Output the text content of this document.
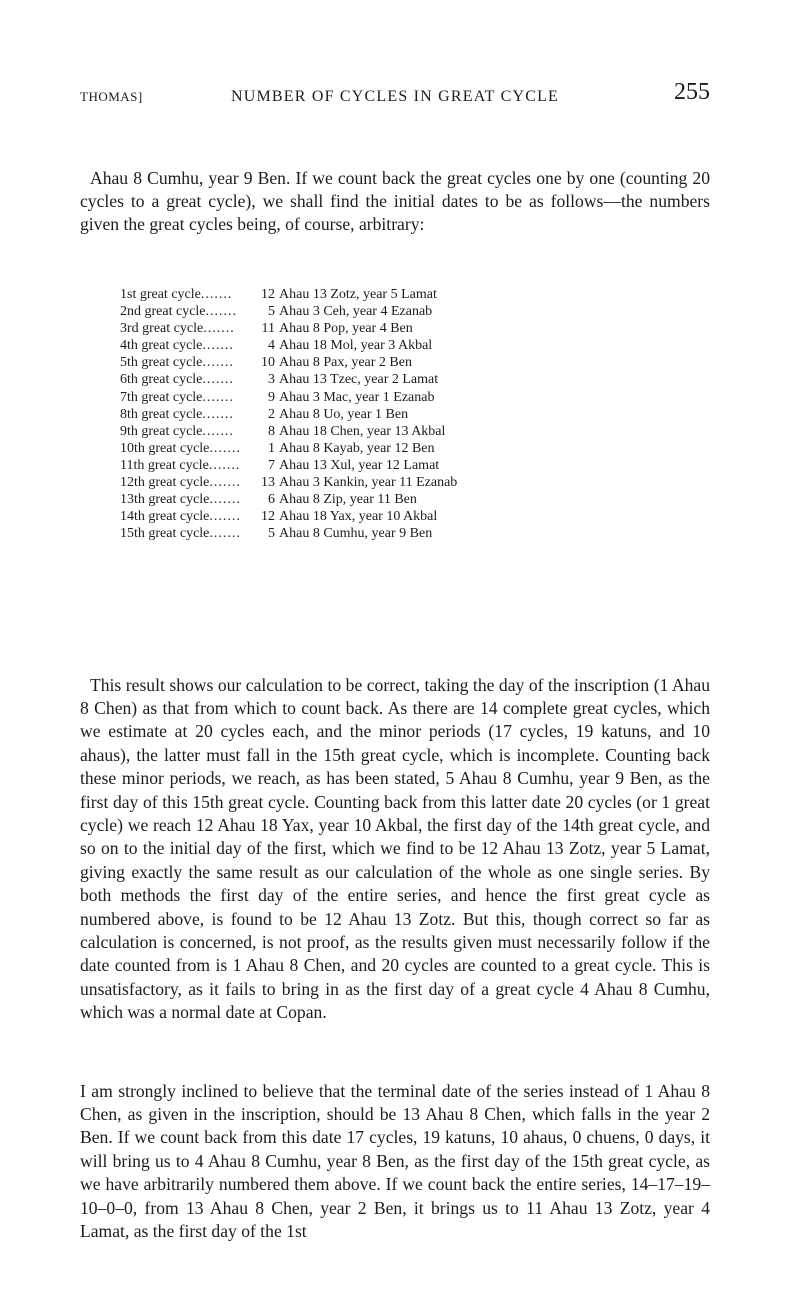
THOMAS]	NUMBER OF CYCLES IN GREAT CYCLE	255

Ahau 8 Cumhu, year 9 Ben. If we count back the great cycles one by one (counting 20 cycles to a great cycle), we shall find the initial dates to be as follows—the numbers given the great cycles being, of course, arbitrary:

1st great cycle.......	12 Ahau 13 Zotz, year 5 Lamat
2nd great cycle.......	5 Ahau 3 Ceh, year 4 Ezanab
3rd great cycle.......	11 Ahau 8 Pop, year 4 Ben
4th great cycle.......	4 Ahau 18 Mol, year 3 Akbal
5th great cycle.......	10 Ahau 8 Pax, year 2 Ben
6th great cycle.......	3 Ahau 13 Tzec, year 2 Lamat
7th great cycle.......	9 Ahau 3 Mac, year 1 Ezanab
8th great cycle.......	2 Ahau 8 Uo, year 1 Ben
9th great cycle.......	8 Ahau 18 Chen, year 13 Akbal
10th great cycle.......	1 Ahau 8 Kayab, year 12 Ben
11th great cycle.......	7 Ahau 13 Xul, year 12 Lamat
12th great cycle.......	13 Ahau 3 Kankin, year 11 Ezanab
13th great cycle.......	6 Ahau 8 Zip, year 11 Ben
14th great cycle.......	12 Ahau 18 Yax, year 10 Akbal
15th great cycle.......	5 Ahau 8 Cumhu, year 9 Ben

This result shows our calculation to be correct, taking the day of the inscription (1 Ahau 8 Chen) as that from which to count back. As there are 14 complete great cycles, which we estimate at 20 cycles each, and the minor periods (17 cycles, 19 katuns, and 10 ahaus), the latter must fall in the 15th great cycle, which is incomplete. Counting back these minor periods, we reach, as has been stated, 5 Ahau 8 Cumhu, year 9 Ben, as the first day of this 15th great cycle. Counting back from this latter date 20 cycles (or 1 great cycle) we reach 12 Ahau 18 Yax, year 10 Akbal, the first day of the 14th great cycle, and so on to the initial day of the first, which we find to be 12 Ahau 13 Zotz, year 5 Lamat, giving exactly the same result as our calculation of the whole as one single series. By both methods the first day of the entire series, and hence the first great cycle as numbered above, is found to be 12 Ahau 13 Zotz. But this, though correct so far as calculation is concerned, is not proof, as the results given must necessarily follow if the date counted from is 1 Ahau 8 Chen, and 20 cycles are counted to a great cycle. This is unsatisfactory, as it fails to bring in as the first day of a great cycle 4 Ahau 8 Cumhu, which was a normal date at Copan.

I am strongly inclined to believe that the terminal date of the series instead of 1 Ahau 8 Chen, as given in the inscription, should be 13 Ahau 8 Chen, which falls in the year 2 Ben. If we count back from this date 17 cycles, 19 katuns, 10 ahaus, 0 chuens, 0 days, it will bring us to 4 Ahau 8 Cumhu, year 8 Ben, as the first day of the 15th great cycle, as we have arbitrarily numbered them above. If we count back the entire series, 14–17–19–10–0–0, from 13 Ahau 8 Chen, year 2 Ben, it brings us to 11 Ahau 13 Zotz, year 4 Lamat, as the first day of the 1st
